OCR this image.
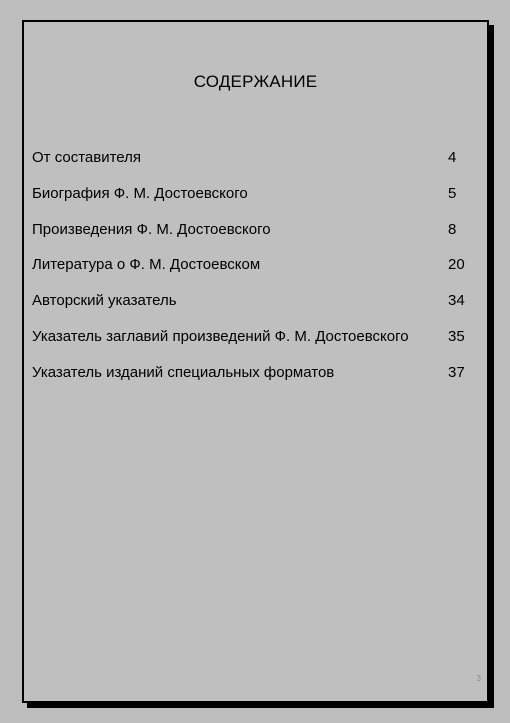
СОДЕРЖАНИЕ
От составителя	4
Биография Ф. М. Достоевского	5
Произведения Ф. М. Достоевского	8
Литература о Ф. М. Достоевском	20
Авторский указатель	34
Указатель заглавий произведений Ф. М. Достоевского	35
Указатель изданий специальных форматов	37
3
